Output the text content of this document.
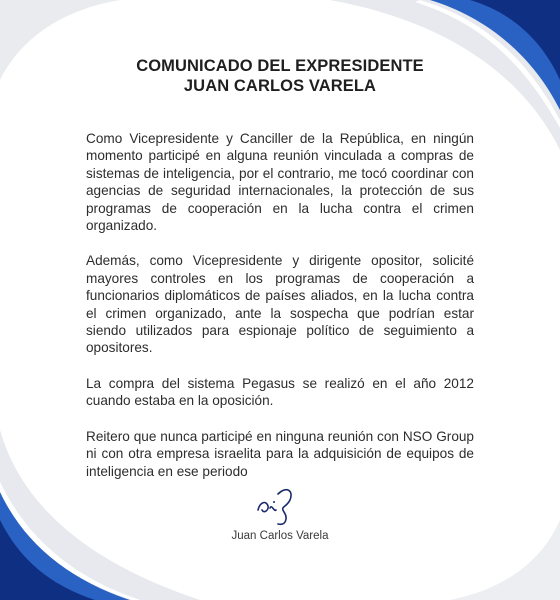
COMUNICADO DEL EXPRESIDENTE
JUAN CARLOS VARELA

Como Vicepresidente y Canciller de la República, en ningún momento participé en alguna reunión vinculada a compras de sistemas de inteligencia, por el contrario, me tocó coordinar con agencias de seguridad internacionales, la protección de sus programas de cooperación en la lucha contra el crimen organizado.

Además, como Vicepresidente y dirigente opositor, solicité mayores controles en los programas de cooperación a funcionarios diplomáticos de países aliados, en la lucha contra el crimen organizado, ante la sospecha que podrían estar siendo utilizados para espionaje político de seguimiento a opositores.

La compra del sistema Pegasus se realizó en el año 2012 cuando estaba en la oposición.

Reitero que nunca participé en ninguna reunión con NSO Group ni con otra empresa israelita para la adquisición de equipos de inteligencia en ese periodo

Juan Carlos Varela
